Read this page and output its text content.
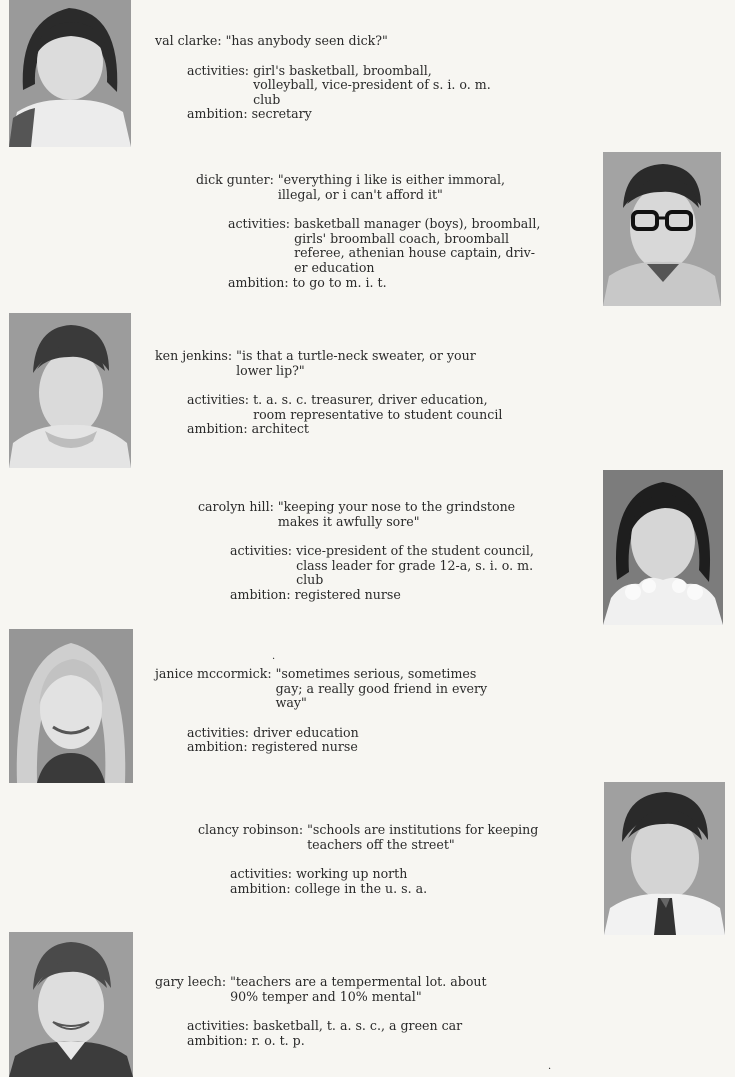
val clarke : "has anybody seen dick?"
activities:
girl's basketball, broomball,
volleyball, vice-president of s. i. o. m.
club
ambition:
secretary
dick gunter : "everything i like is either immoral,
illegal, or i can't afford it"
activities:
basketball manager (boys), broomball,
girls' broomball coach, broomball
referee, athenian house captain, driv-
er education
ambition:
to go to m. i. t.
ken jenkins : "is that a turtle-neck sweater, or your
lower lip?"
activities:
t. a. s. c. treasurer, driver education,
room representative to student council
ambition:
architect
carolyn hill : "keeping your nose to the grindstone
makes it awfully sore"
activities:
vice-president of the student council,
class leader for grade 12-a, s. i. o. m.
club
ambition:
registered nurse
janice mccormick : "sometimes serious, sometimes
gay; a really good friend in every
way"
activities:
driver education
ambition:
registered nurse
clancy robinson : "schools are institutions for keeping
teachers off the street"
activities:
working up north
ambition:
college in the u. s. a.
gary leech : "teachers are a tempermental lot. about
90% temper and 10% mental"
activities:
basketball, t. a. s. c., a green car
ambition:
r. o. t. p.
·
·
